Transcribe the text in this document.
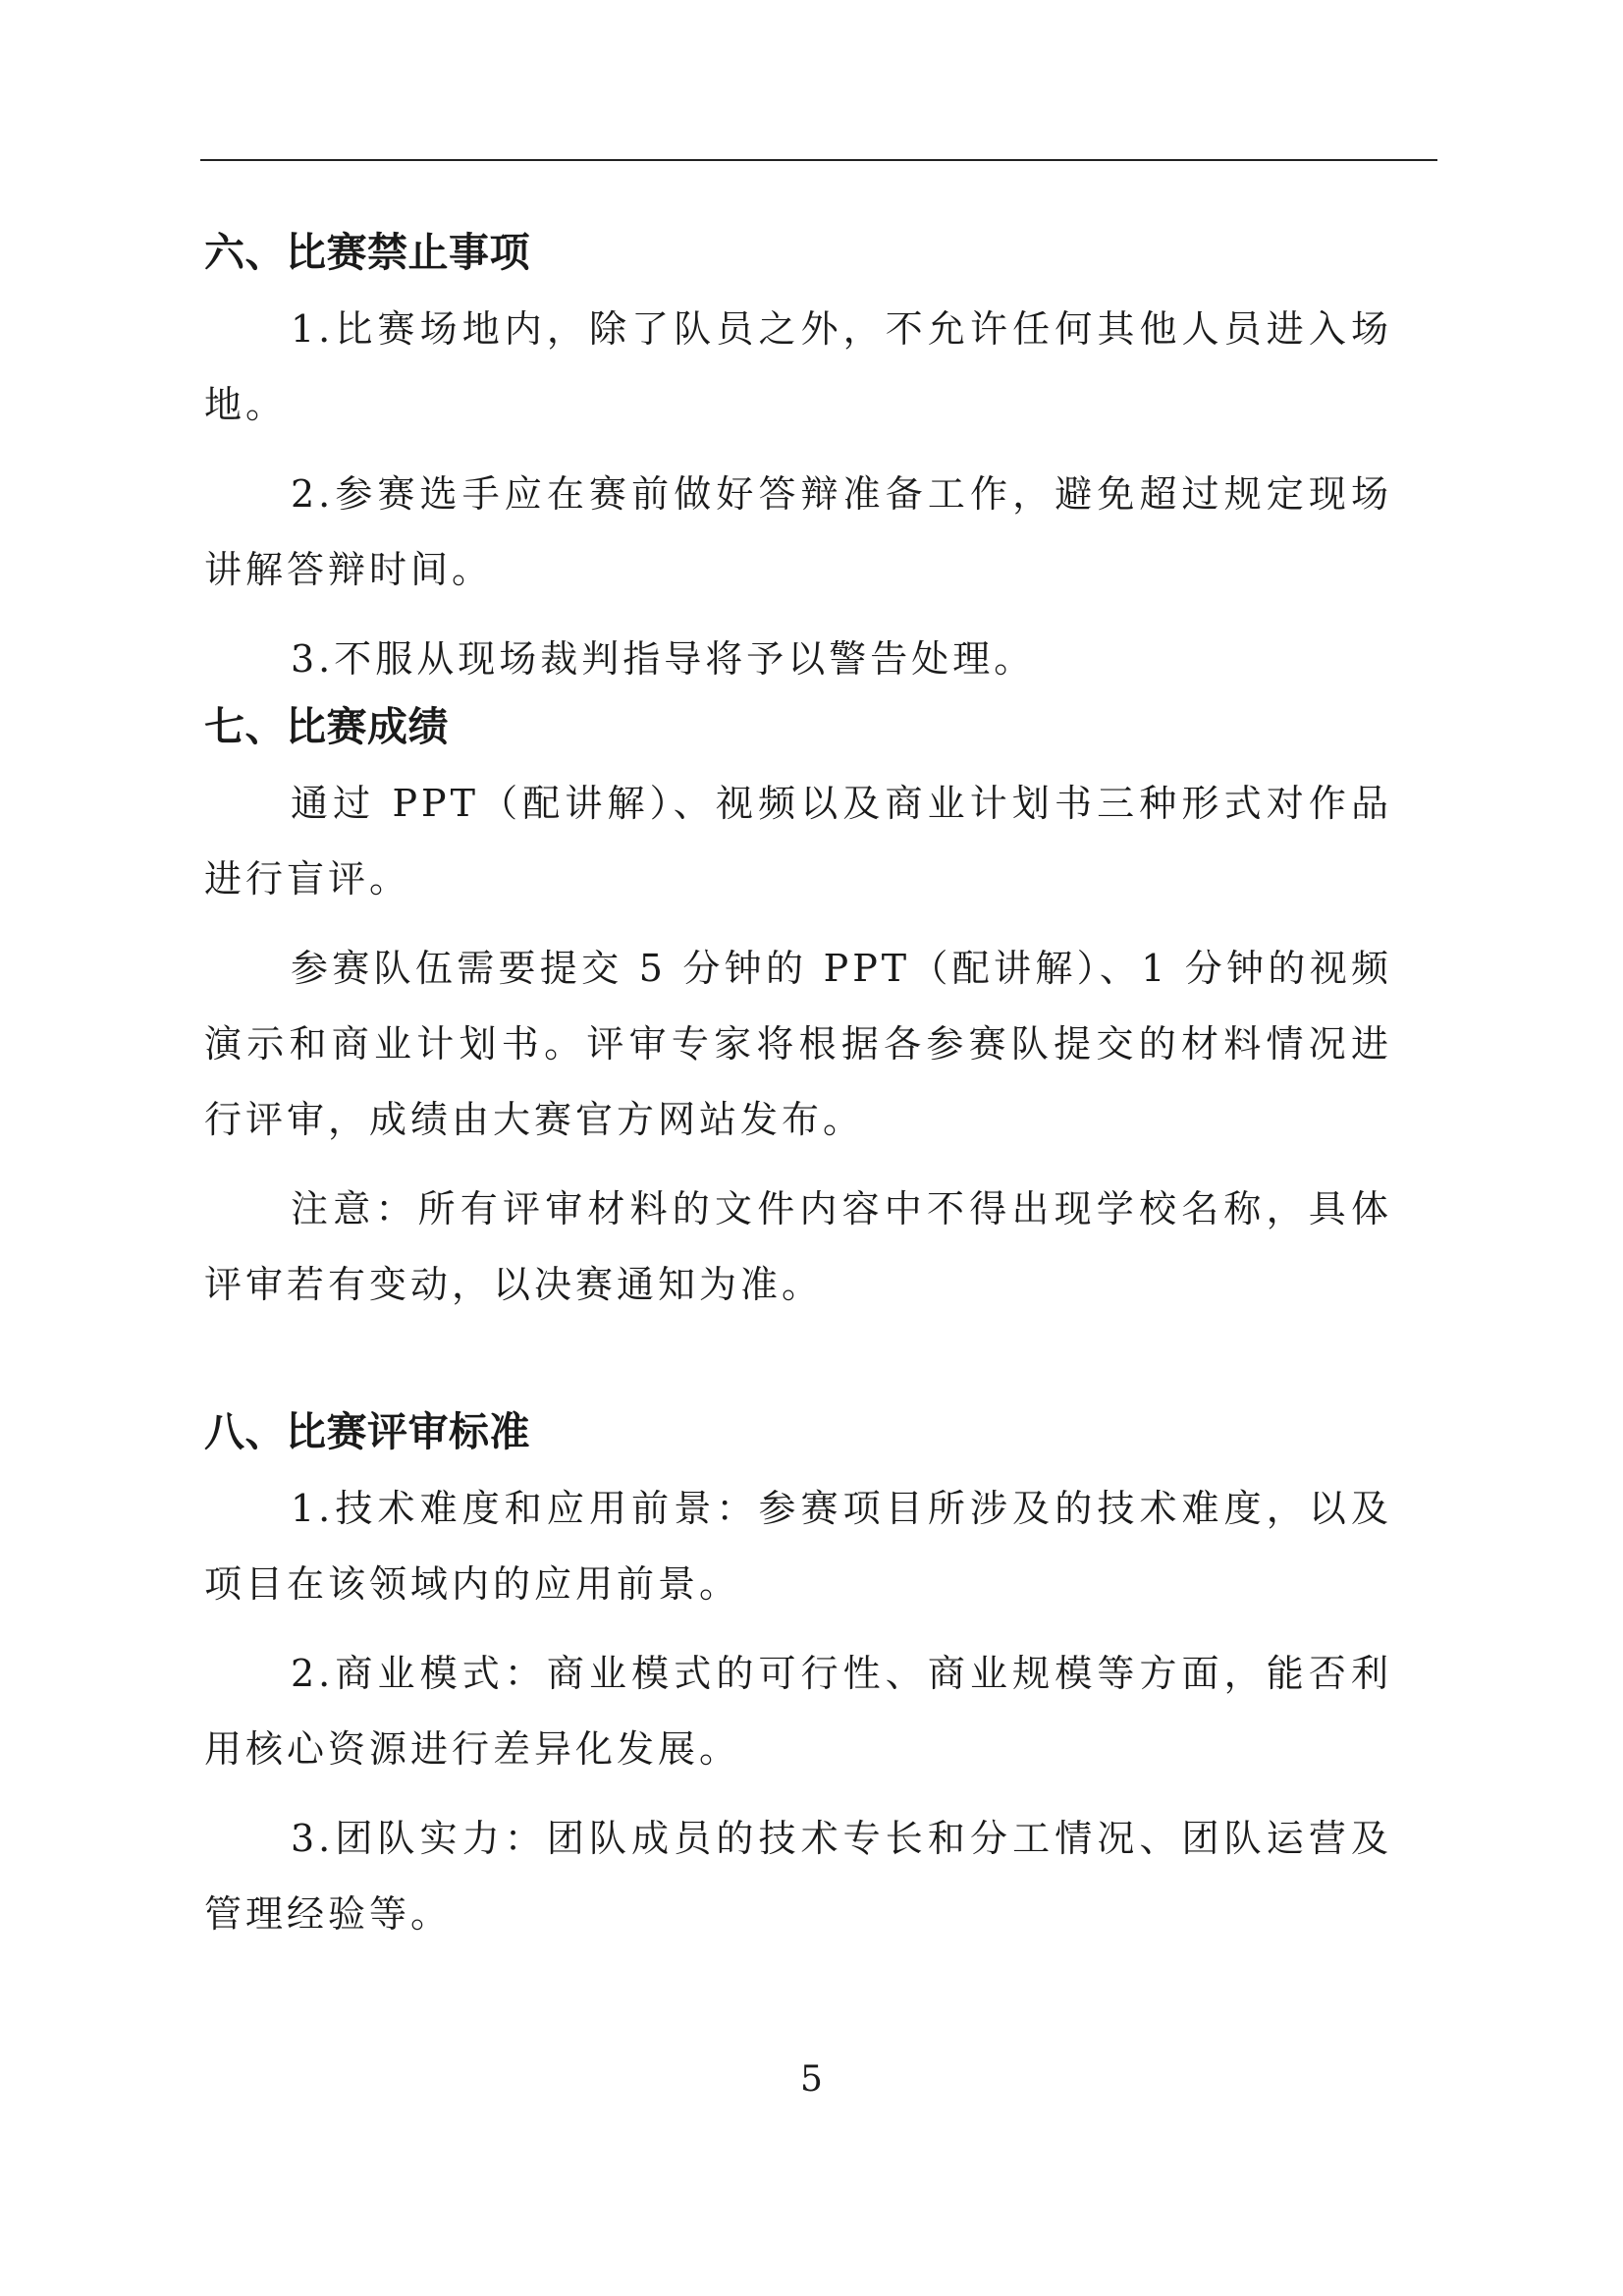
六、比赛禁止事项

1.比赛场地内，除了队员之外，不允许任何其他人员进入场地。

2.参赛选手应在赛前做好答辩准备工作，避免超过规定现场讲解答辩时间。

3.不服从现场裁判指导将予以警告处理。

七、比赛成绩

通过 PPT（配讲解）、视频以及商业计划书三种形式对作品进行盲评。

参赛队伍需要提交 5 分钟的 PPT（配讲解）、1 分钟的视频演示和商业计划书。评审专家将根据各参赛队提交的材料情况进行评审，成绩由大赛官方网站发布。

注意：所有评审材料的文件内容中不得出现学校名称，具体评审若有变动，以决赛通知为准。

八、比赛评审标准

1.技术难度和应用前景：参赛项目所涉及的技术难度，以及项目在该领域内的应用前景。

2.商业模式：商业模式的可行性、商业规模等方面，能否利用核心资源进行差异化发展。

3.团队实力：团队成员的技术专长和分工情况、团队运营及管理经验等。

5
